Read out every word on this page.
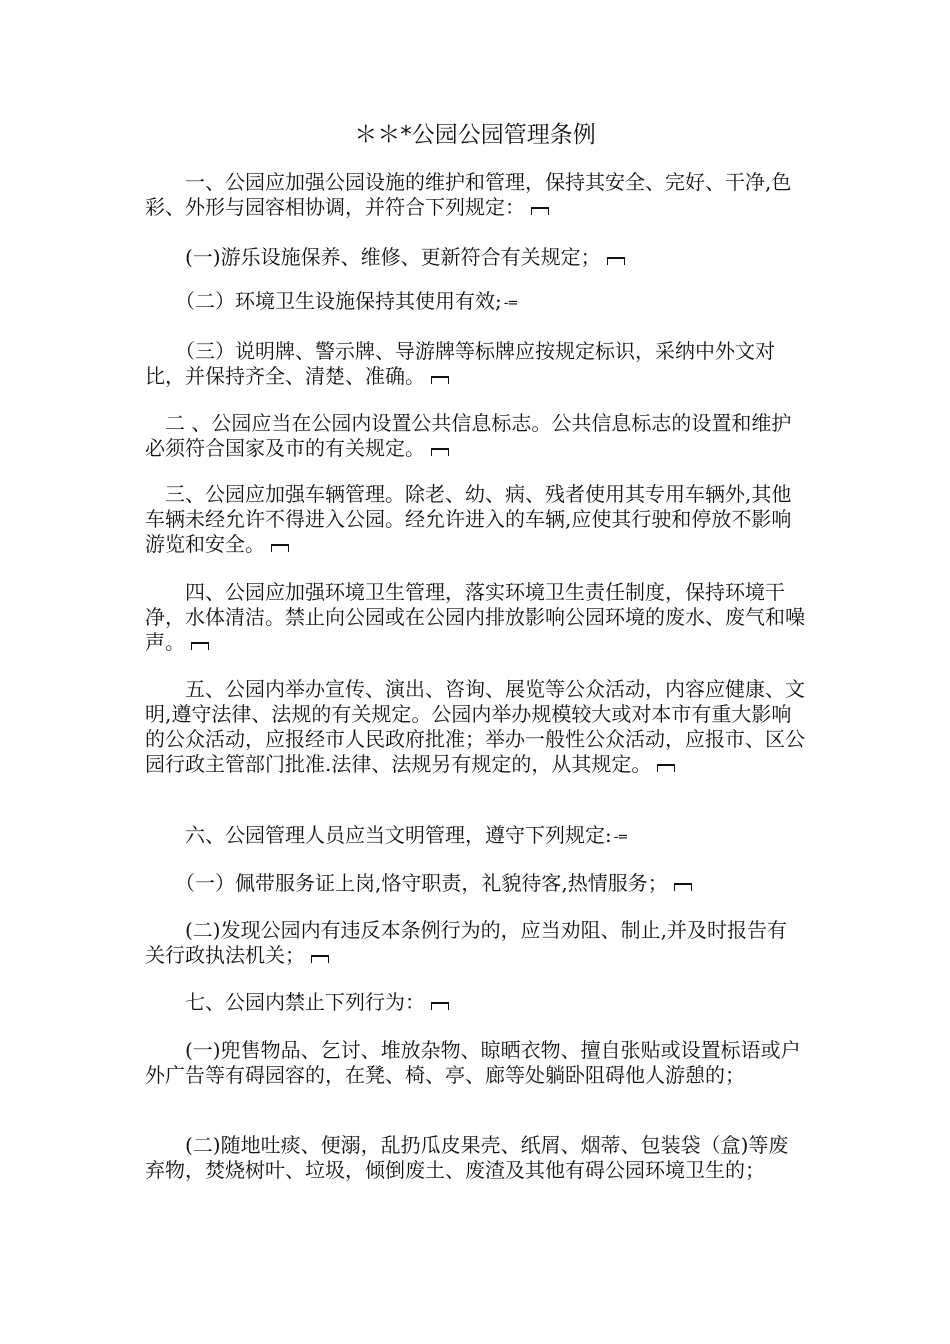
＊＊*公园公园管理条例
　　一、公园应加强公园设施的维护和管理，保持其安全、完好、干净,色彩、外形与园容相协调，并符合下列规定：
　　(一)游乐设施保养、维修、更新符合有关规定；
　　（二）环境卫生设施保持其使用有效; -=
　　（三）说明牌、警示牌、导游牌等标牌应按规定标识，采纳中外文对比，并保持齐全、清楚、准确。
　二 、公园应当在公园内设置公共信息标志。公共信息标志的设置和维护必须符合国家及市的有关规定。
　三、公园应加强车辆管理。除老、幼、病、残者使用其专用车辆外,其他车辆未经允许不得进入公园。经允许进入的车辆,应使其行驶和停放不影响游览和安全。
　　四、公园应加强环境卫生管理，落实环境卫生责任制度，保持环境干净，水体清洁。禁止向公园或在公园内排放影响公园环境的废水、废气和噪声。
　　五、公园内举办宣传、演出、咨询、展览等公众活动，内容应健康、文明,遵守法律、法规的有关规定。公园内举办规模较大或对本市有重大影响的公众活动，应报经市人民政府批准；举办一般性公众活动，应报市、区公园行政主管部门批准.法律、法规另有规定的，从其规定。
　　六、公园管理人员应当文明管理，遵守下列规定: -=
　　（一）佩带服务证上岗,恪守职责，礼貌待客,热情服务；
　　(二)发现公园内有违反本条例行为的，应当劝阻、制止,并及时报告有关行政执法机关；
　　七、公园内禁止下列行为：
　　(一)兜售物品、乞讨、堆放杂物、晾晒衣物、擅自张贴或设置标语或户外广告等有碍园容的，在凳、椅、亭、廊等处躺卧阻碍他人游憩的；
　　(二)随地吐痰、便溺，乱扔瓜皮果壳、纸屑、烟蒂、包装袋（盒)等废弃物，焚烧树叶、垃圾，倾倒废土、废渣及其他有碍公园环境卫生的；
